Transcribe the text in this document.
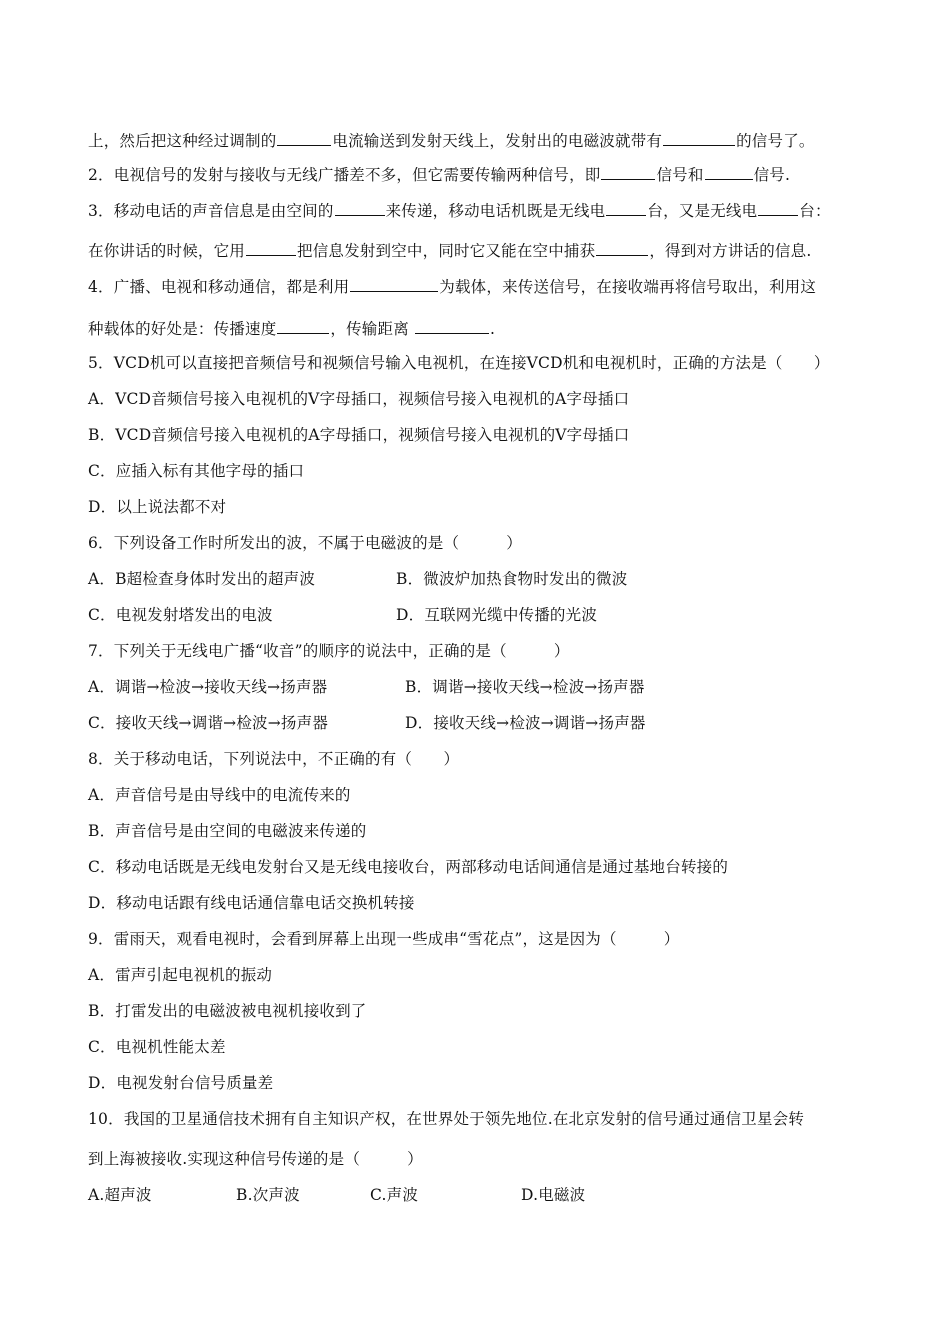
上，然后把这种经过调制的	电流输送到发射天线上，发射出的电磁波就带有	的信号了。
2．电视信号的发射与接收与无线广播差不多，但它需要传输两种信号，即	信号和	信号.
3．移动电话的声音信息是由空间的	来传递，移动电话机既是无线电	台，又是无线电	台：
在你讲话的时候，它用	把信息发射到空中，同时它又能在空中捕获	，得到对方讲话的信息.
4．广播、电视和移动通信，都是利用	为载体，来传送信号，在接收端再将信号取出，利用这
种载体的好处是：传播速度	，传输距离	.
5．VCD机可以直接把音频信号和视频信号输入电视机，在连接VCD机和电视机时，正确的方法是（　　）
A．VCD音频信号接入电视机的V字母插口，视频信号接入电视机的A字母插口
B．VCD音频信号接入电视机的A字母插口，视频信号接入电视机的V字母插口
C．应插入标有其他字母的插口
D．以上说法都不对
6．下列设备工作时所发出的波，不属于电磁波的是（　　　）
A．B超检查身体时发出的超声波	B．微波炉加热食物时发出的微波
C．电视发射塔发出的电波	D．互联网光缆中传播的光波
7．下列关于无线电广播“收音”的顺序的说法中，正确的是（　　　）
A．调谐→检波→接收天线→扬声器	B．调谐→接收天线→检波→扬声器
C．接收天线→调谐→检波→扬声器	D．接收天线→检波→调谐→扬声器
8．关于移动电话，下列说法中，不正确的有（　　）
A．声音信号是由导线中的电流传来的
B．声音信号是由空间的电磁波来传递的
C．移动电话既是无线电发射台又是无线电接收台，两部移动电话间通信是通过基地台转接的
D．移动电话跟有线电话通信靠电话交换机转接
9．雷雨天，观看电视时，会看到屏幕上出现一些成串“雪花点”，这是因为（　　　）
A．雷声引起电视机的振动
B．打雷发出的电磁波被电视机接收到了
C．电视机性能太差
D．电视发射台信号质量差
10．我国的卫星通信技术拥有自主知识产权，在世界处于领先地位.在北京发射的信号通过通信卫星会转
到上海被接收.实现这种信号传递的是（　　　）
A.超声波	B.次声波	C.声波	D.电磁波
